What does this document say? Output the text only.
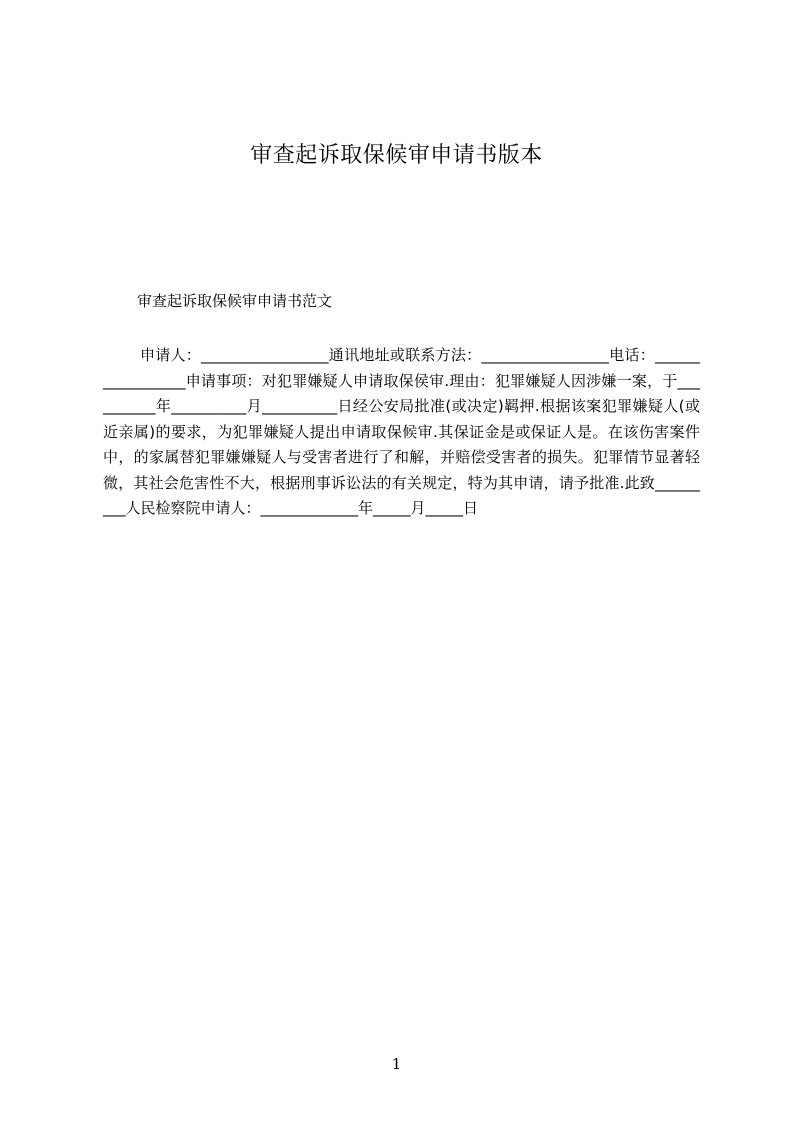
审查起诉取保候审申请书版本
审查起诉取保候审申请书范文
申请人：_________________通讯地址或联系方法：_________________电话：_________________申请事项：对犯罪嫌疑人申请取保侯审.理由：犯罪嫌疑人因涉嫌一案，于__________年__________月__________日经公安局批准(或决定)羁押.根据该案犯罪嫌疑人(或近亲属)的要求，为犯罪嫌疑人提出申请取保候审.其保证金是或保证人是。在该伤害案件中，的家属替犯罪嫌嫌疑人与受害者进行了和解，并赔偿受害者的损失。犯罪情节显著轻微，其社会危害性不大，根据刑事诉讼法的有关规定，特为其申请，请予批准.此致_________人民检察院申请人：_____________年_____月_____日
1
